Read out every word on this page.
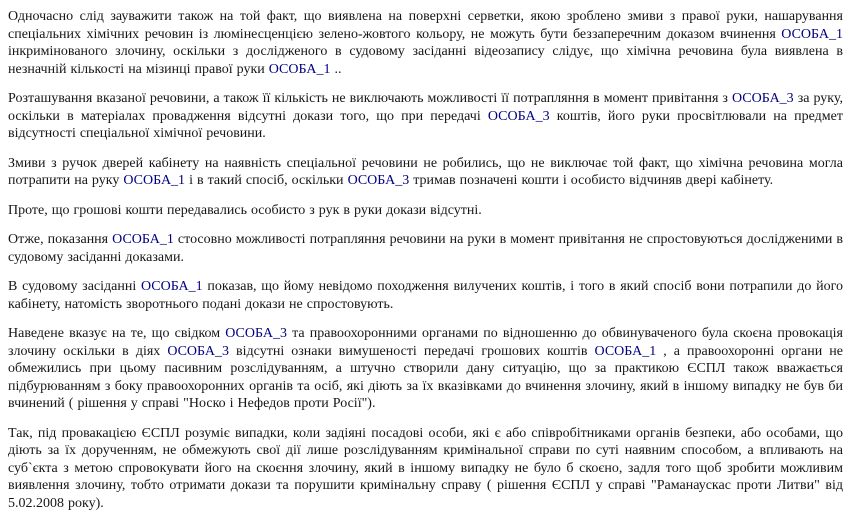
Одночасно слід зауважити також на той факт, що виявлена на поверхні серветки, якою зроблено змиви з правої руки, нашарування спеціальних хімічних речовин із люмінесценцією зелено-жовтого кольору, не можуть бути беззаперечним доказом вчинення ОСОБА_1 інкримінованого злочину, оскільки з дослідженого в судовому засіданні відеозапису слідує, що хімічна речовина була виявлена в незначній кількості на мізинці правої руки ОСОБА_1 ..

Розташування вказаної речовини, а також її кількість не виключають можливості її потрапляння в момент привітання з ОСОБА_3 за руку, оскільки в матеріалах провадження відсутні докази того, що при передачі ОСОБА_3 коштів, його руки просвітлювали на предмет відсутності спеціальної хімічної речовини.

Змиви з ручок дверей кабінету на наявність спеціальної речовини не робились, що не виключає той факт, що хімічна речовина могла потрапити на руку ОСОБА_1 і в такий спосіб, оскільки ОСОБА_3 тримав позначені кошти і особисто відчиняв двері кабінету.

Проте, що грошові кошти передавались особисто з рук в руки докази відсутні.

Отже, показання ОСОБА_1 стосовно можливості потрапляння речовини на руки в момент привітання не спростовуються дослідженими в судовому засіданні доказами.

В судовому засіданні ОСОБА_1 показав, що йому невідомо походження вилучених коштів, і того в який спосіб вони потрапили до його кабінету, натомість зворотнього подані докази не спростовують.

Наведене вказує на те, що свідком ОСОБА_3 та правоохоронними органами по відношенню до обвинуваченого була скоєна провокація злочину оскільки в діях ОСОБА_3 відсутні ознаки вимушеності передачі грошових коштів ОСОБА_1 , а правоохоронні органи не обмежились при цьому пасивним розслідуванням, а штучно створили дану ситуацію, що за практикою ЄСПЛ також вважається підбурюванням з боку правоохоронних органів та осіб, які діють за їх вказівками до вчинення злочину, який в іншому випадку не був би вчинений ( рішення у справі "Носко і Нефедов проти Росії").

Так, під провакацією ЄСПЛ розуміє випадки, коли задіяні посадові особи, які є або співробітниками органів безпеки, або особами, що діють за їх дорученням, не обмежують свої дії лише розслідуванням кримінальної справи по суті наявним способом, а впливають на суб`єкта з метою спровокувати його на скоєння злочину, який в іншому випадку не було б скоєно, задля того щоб зробити можливим виявлення злочину, тобто отримати докази та порушити кримінальну справу ( рішення ЄСПЛ у справі "Раманаускас проти Литви" від 5.02.2008 року).
